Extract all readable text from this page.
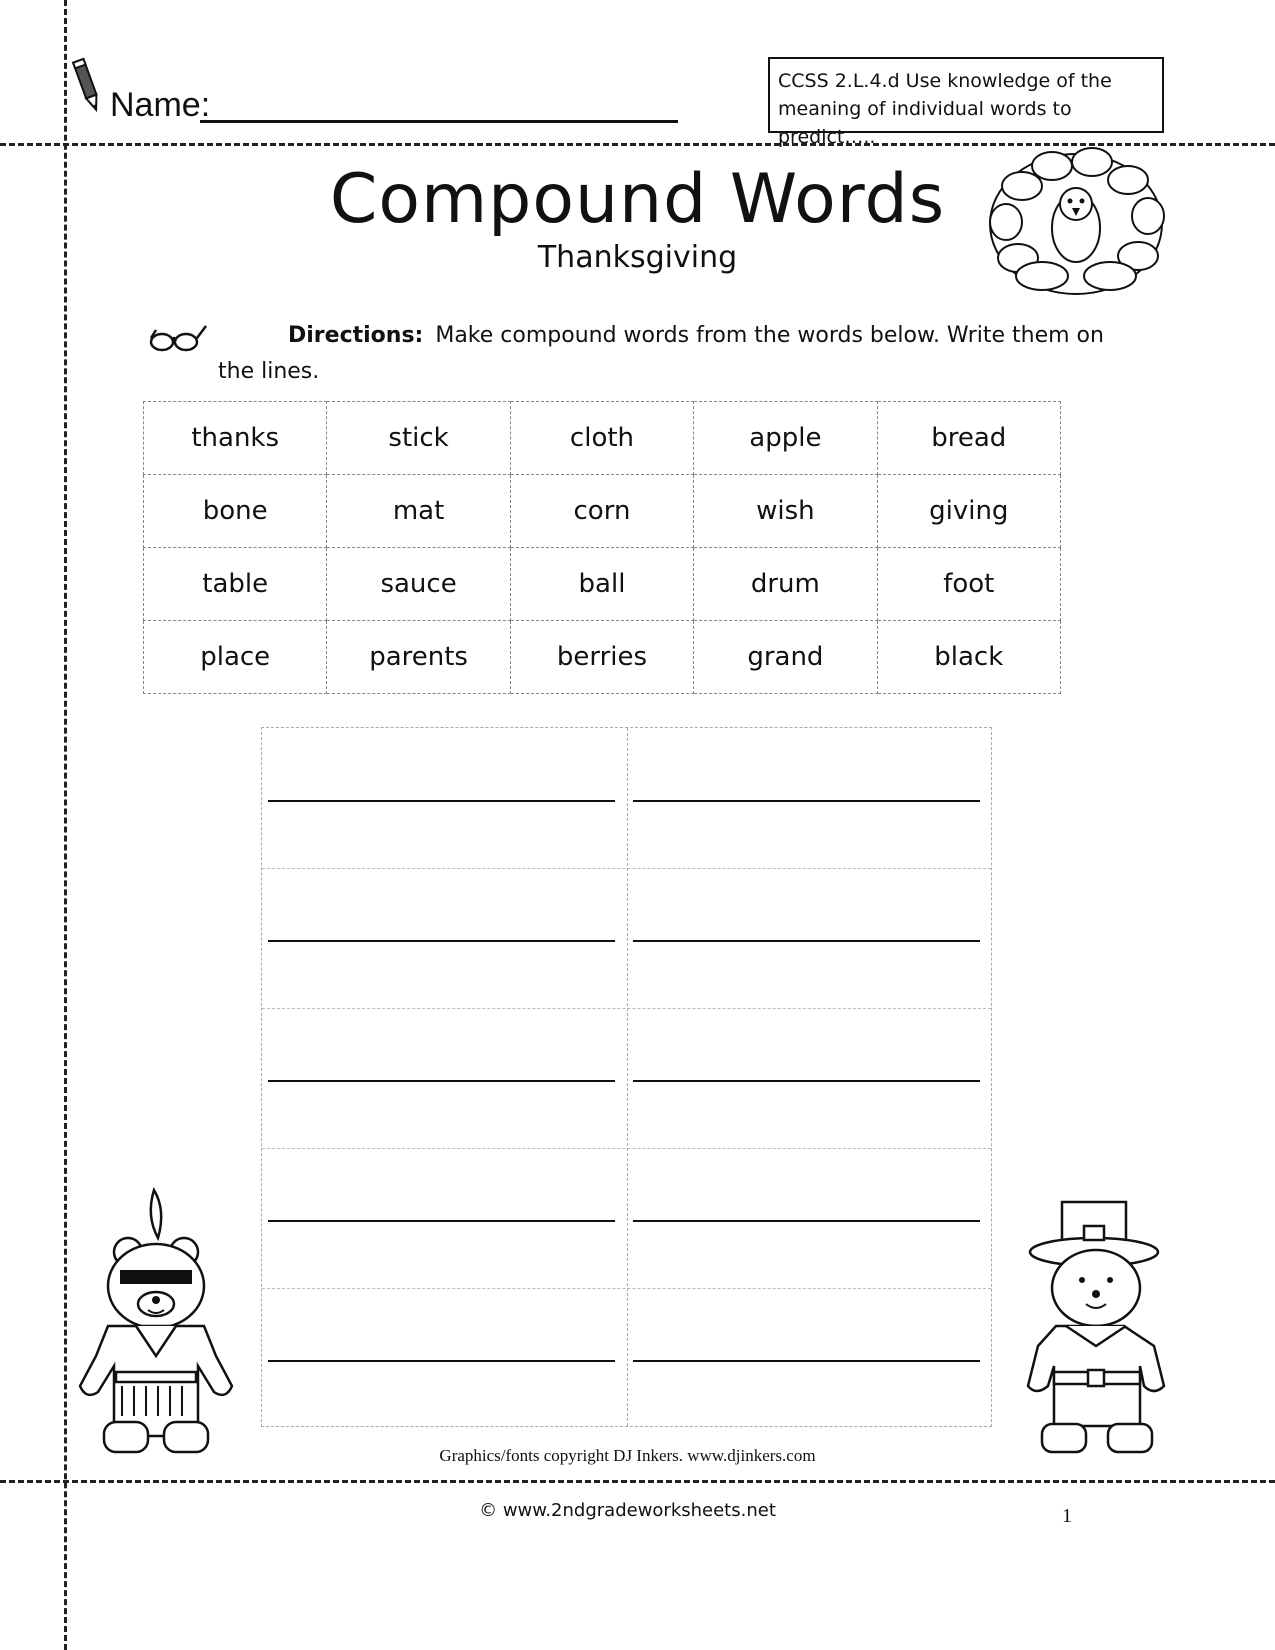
Name:
CCSS 2.L.4.d Use knowledge of the meaning of individual words to predict…..
Compound Words
Thanksgiving
Directions: Make compound words from the words below. Write them on the lines.
thanks	stick	cloth	apple	bread
bone	mat	corn	wish	giving
table	sauce	ball	drum	foot
place	parents	berries	grand	black
Graphics/fonts copyright DJ Inkers. www.djinkers.com
© www.2ndgradeworksheets.net	1
